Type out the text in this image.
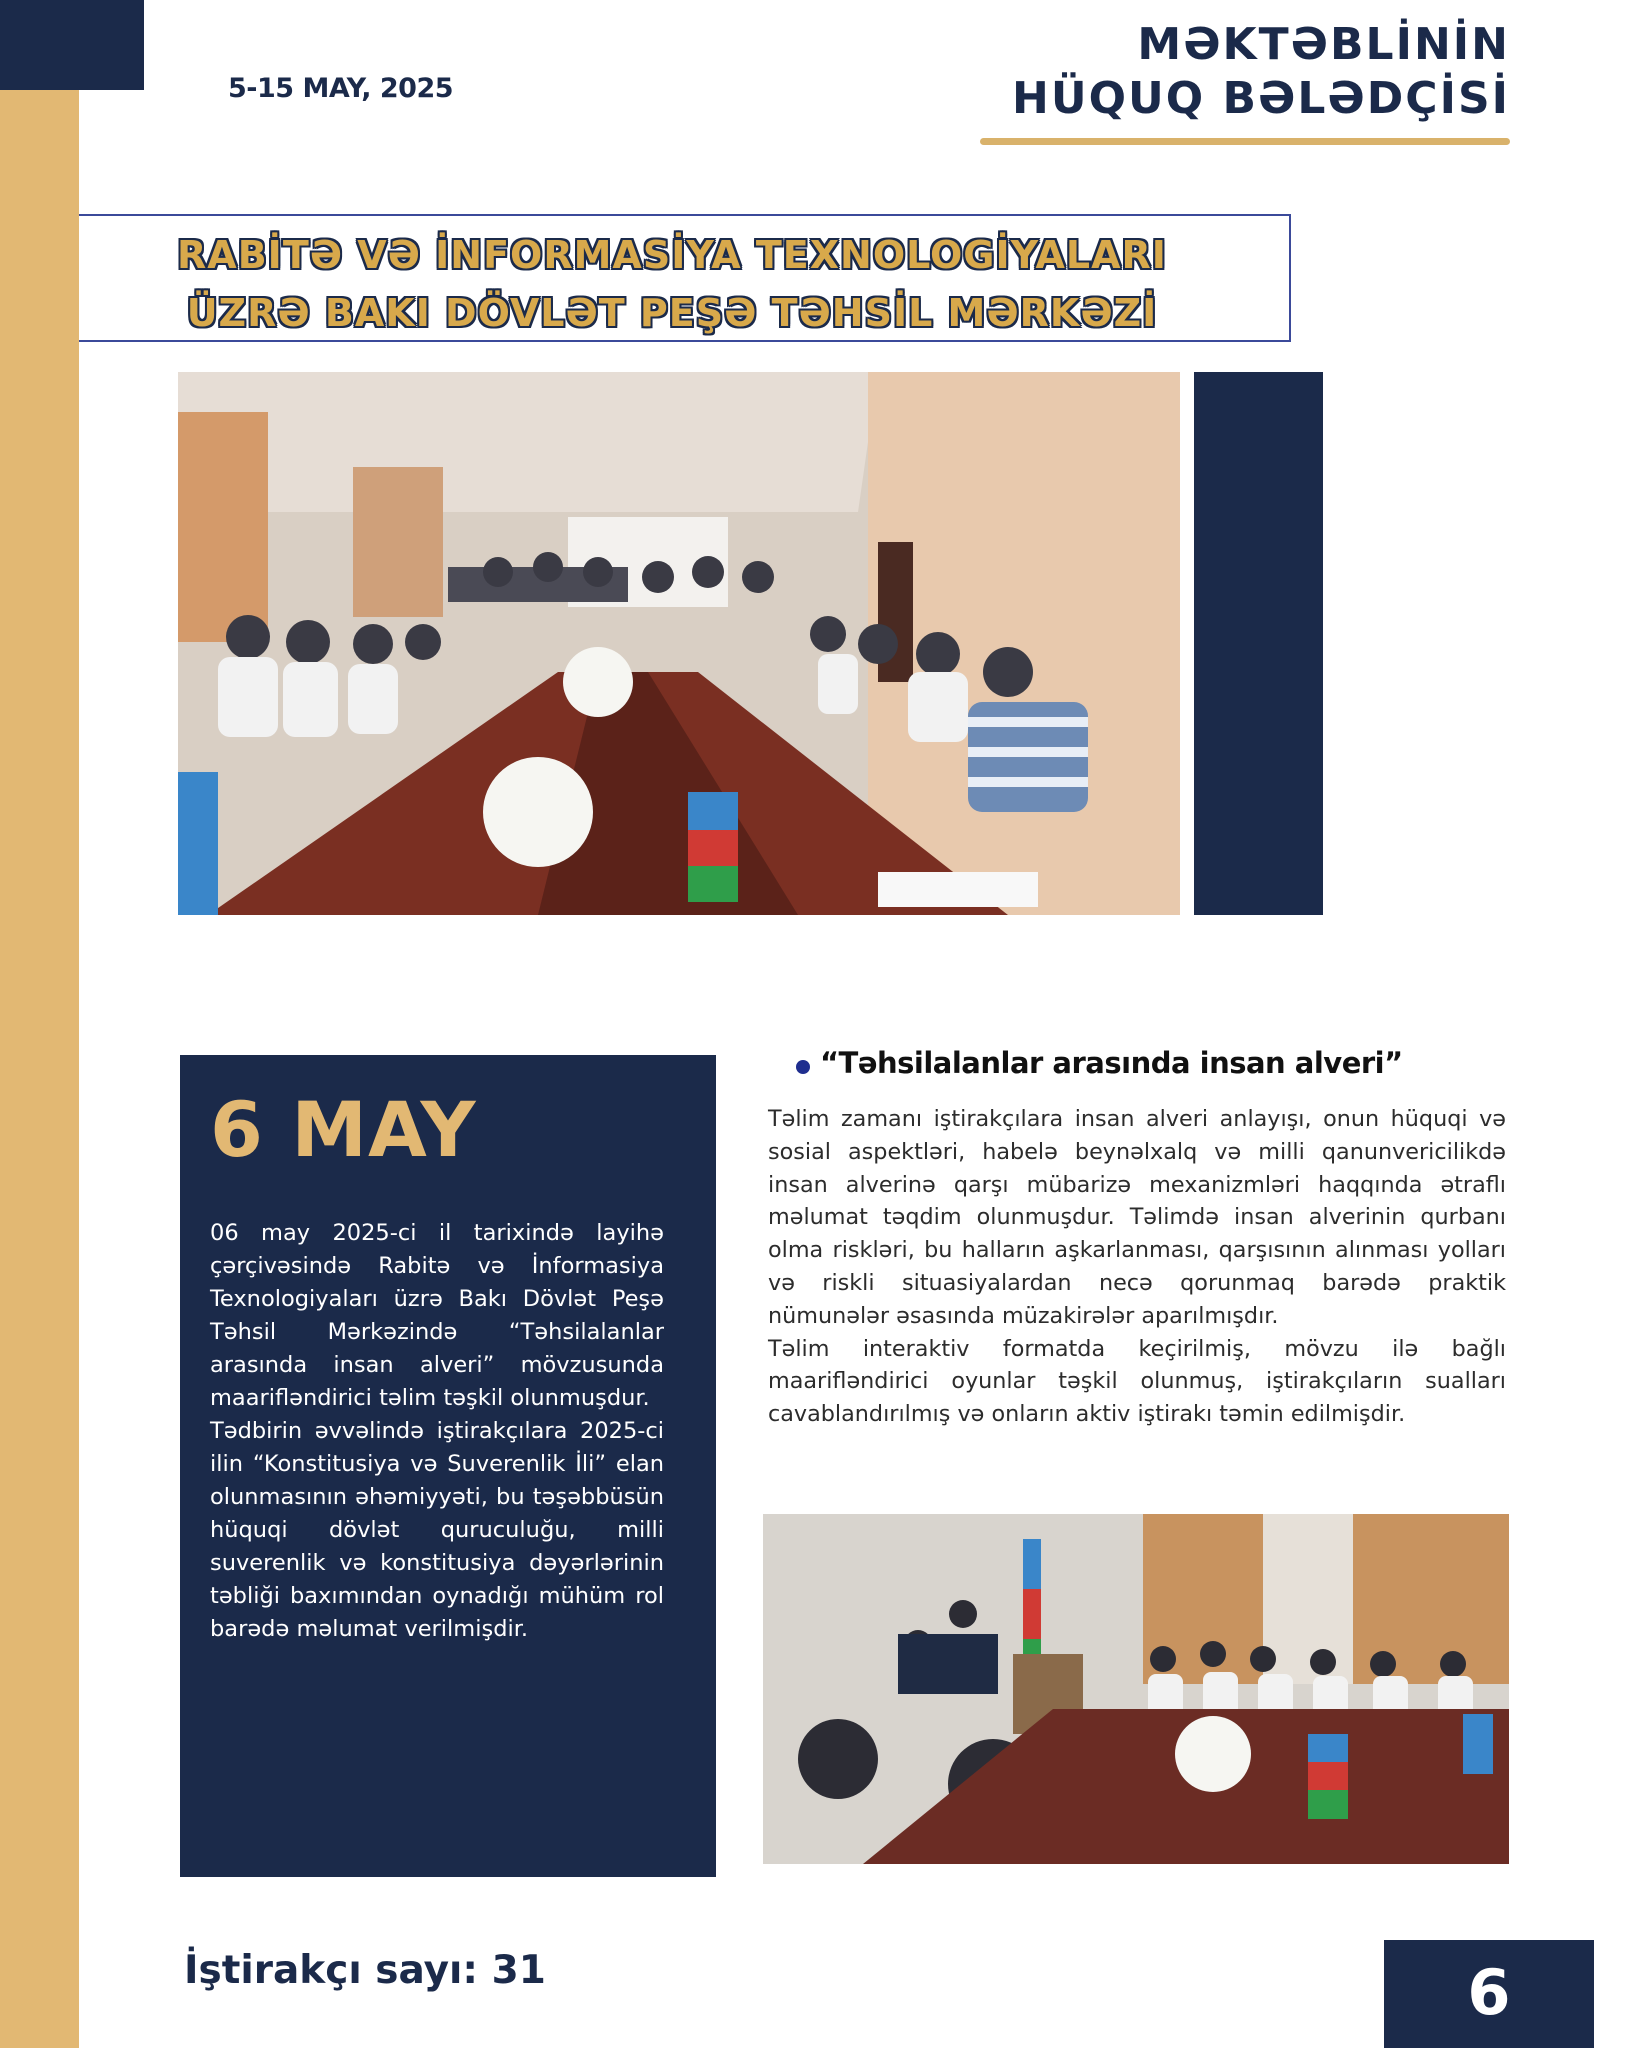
5-15 MAY, 2025
MƏKTƏBLİNİN
HÜQUQ BƏLƏDÇİSİ
RABİTƏ VƏ İNFORMASİYA TEXNOLOGİYALARI
ÜZRƏ BAKI DÖVLƏT PEŞƏ TƏHSİL MƏRKƏZİ
6 MAY

06 may 2025-ci il tarixində layihə çərçivəsində Rabitə və İnformasiya Texnologiyaları üzrə Bakı Dövlət Peşə Təhsil Mərkəzində “Təhsilalanlar arasında insan alveri” mövzusunda maarifləndirici təlim təşkil olunmuşdur.

Tədbirin əvvəlində iştirakçılara 2025-ci ilin “Konstitusiya və Suverenlik İli” elan olunmasının əhəmiyyəti, bu təşəbbüsün hüquqi dövlət quruculuğu, milli suverenlik və konstitusiya dəyərlərinin təbliği baxımından oynadığı mühüm rol barədə məlumat verilmişdir.

“Təhsilalanlar arasında insan alveri”

Təlim zamanı iştirakçılara insan alveri anlayışı, onun hüquqi və sosial aspektləri, habelə beynəlxalq və milli qanunvericilikdə insan alverinə qarşı mübarizə mexanizmləri haqqında ətraflı məlumat təqdim olunmuşdur. Təlimdə insan alverinin qurbanı olma riskləri, bu halların aşkarlanması, qarşısının alınması yolları və riskli situasiyalardan necə qorunmaq barədə praktik nümunələr əsasında müzakirələr aparılmışdır.

Təlim interaktiv formatda keçirilmiş, mövzu ilə bağlı maarifləndirici oyunlar təşkil olunmuş, iştirakçıların sualları cavablandırılmış və onların aktiv iştirakı təmin edilmişdir.

İştirakçı sayı: 31	6
